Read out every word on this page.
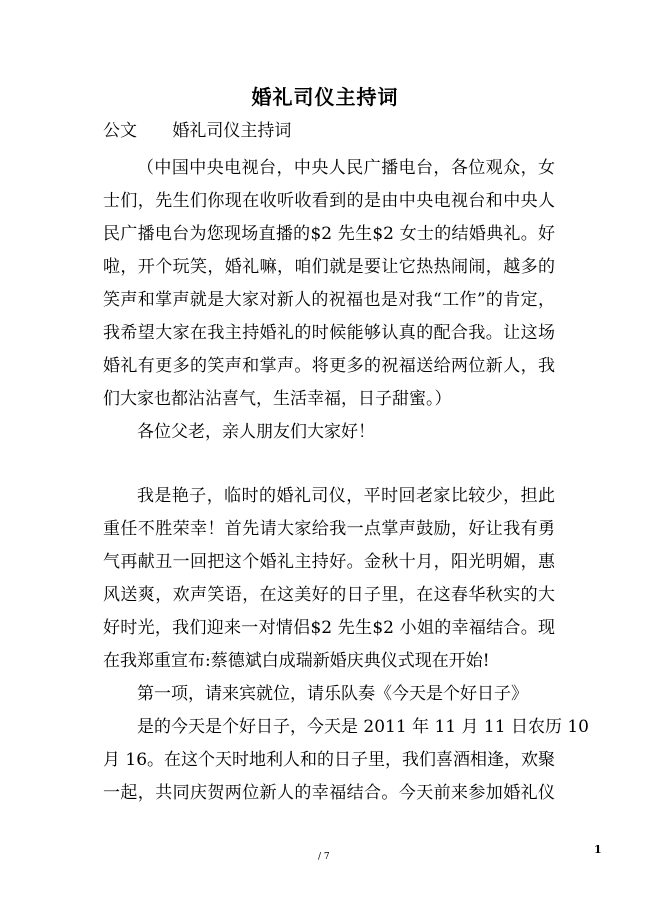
婚礼司仪主持词
公文 婚礼司仪主持词
（中国中央电视台，中央人民广播电台，各位观众，女
士们，先生们你现在收听收看到的是由中央电视台和中央人
民广播电台为您现场直播的$2 先生$2 女士的结婚典礼。好
啦，开个玩笑，婚礼嘛，咱们就是要让它热热闹闹，越多的
笑声和掌声就是大家对新人的祝福也是对我“工作”的肯定，
我希望大家在我主持婚礼的时候能够认真的配合我。让这场
婚礼有更多的笑声和掌声。将更多的祝福送给两位新人，我
们大家也都沾沾喜气，生活幸福，日子甜蜜。）
各位父老，亲人朋友们大家好！
我是艳子，临时的婚礼司仪，平时回老家比较少，担此
重任不胜荣幸！首先请大家给我一点掌声鼓励，好让我有勇
气再献丑一回把这个婚礼主持好。金秋十月，阳光明媚，惠
风送爽，欢声笑语，在这美好的日子里，在这春华秋实的大
好时光，我们迎来一对情侣$2 先生$2 小姐的幸福结合。现
在我郑重宣布:蔡德斌白成瑞新婚庆典仪式现在开始!
第一项，请来宾就位，请乐队奏《今天是个好日子》
是的今天是个好日子，今天是 2011 年 11 月 11 日农历 10
月 16。在这个天时地利人和的日子里，我们喜酒相逢，欢聚
一起，共同庆贺两位新人的幸福结合。今天前来参加婚礼仪
1
/ 7
